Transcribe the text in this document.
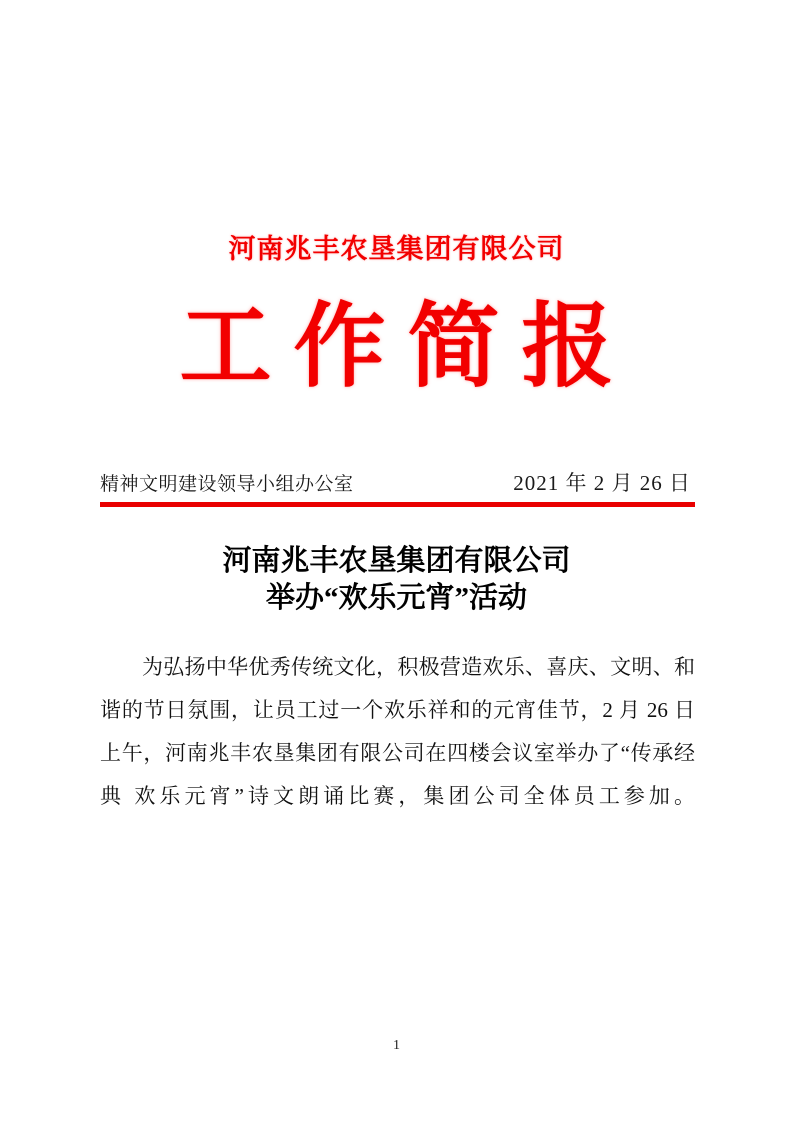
河南兆丰农垦集团有限公司
工作简报
精神文明建设领导小组办公室	2021 年 2 月 26 日
河南兆丰农垦集团有限公司
举办“欢乐元宵”活动
为弘扬中华优秀传统文化，积极营造欢乐、喜庆、文明、和
谐的节日氛围，让员工过一个欢乐祥和的元宵佳节，2 月 26 日
上午，河南兆丰农垦集团有限公司在四楼会议室举办了“传承经
典 欢乐元宵”诗文朗诵比赛，集团公司全体员工参加。
1
